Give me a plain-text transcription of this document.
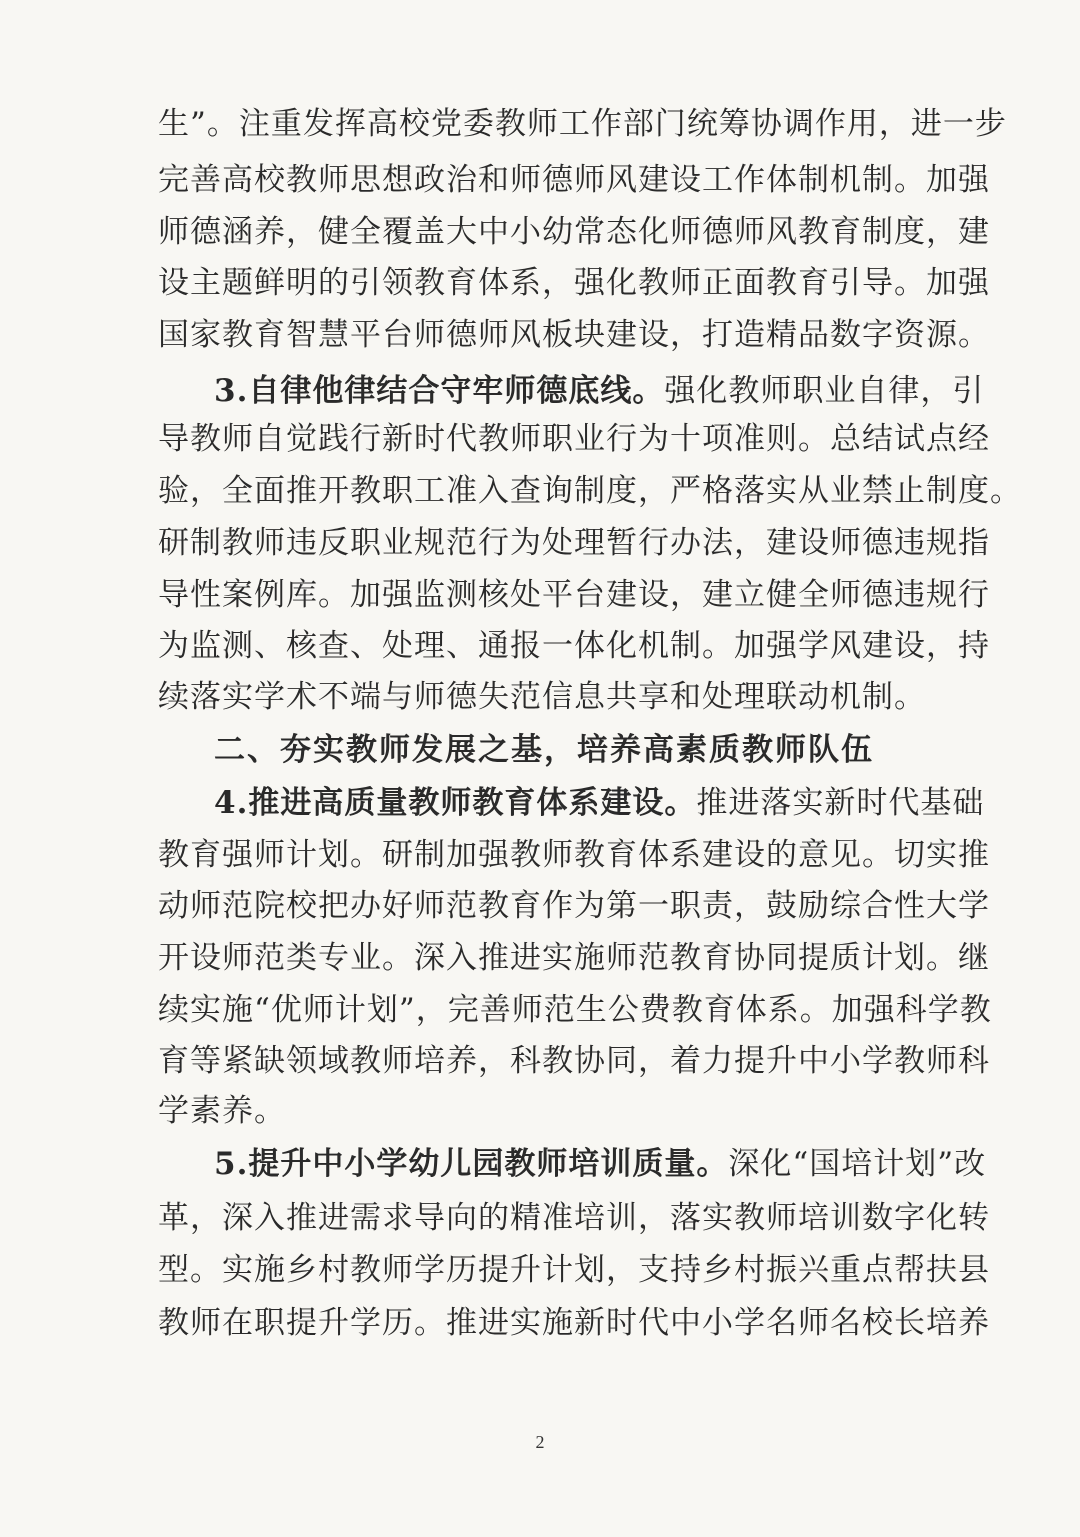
生”。注重发挥高校党委教师工作部门统筹协调作用，进一步
完善高校教师思想政治和师德师风建设工作体制机制。加强
师德涵养，健全覆盖大中小幼常态化师德师风教育制度，建
设主题鲜明的引领教育体系，强化教师正面教育引导。加强
国家教育智慧平台师德师风板块建设，打造精品数字资源。
3.自律他律结合守牢师德底线。强化教师职业自律，引
导教师自觉践行新时代教师职业行为十项准则。总结试点经
验，全面推开教职工准入查询制度，严格落实从业禁止制度。
研制教师违反职业规范行为处理暂行办法，建设师德违规指
导性案例库。加强监测核处平台建设，建立健全师德违规行
为监测、核查、处理、通报一体化机制。加强学风建设，持
续落实学术不端与师德失范信息共享和处理联动机制。
二、夯实教师发展之基，培养高素质教师队伍
4.推进高质量教师教育体系建设。推进落实新时代基础
教育强师计划。研制加强教师教育体系建设的意见。切实推
动师范院校把办好师范教育作为第一职责，鼓励综合性大学
开设师范类专业。深入推进实施师范教育协同提质计划。继
续实施“优师计划”，完善师范生公费教育体系。加强科学教
育等紧缺领域教师培养，科教协同，着力提升中小学教师科
学素养。
5.提升中小学幼儿园教师培训质量。深化“国培计划”改
革，深入推进需求导向的精准培训，落实教师培训数字化转
型。实施乡村教师学历提升计划，支持乡村振兴重点帮扶县
教师在职提升学历。推进实施新时代中小学名师名校长培养
2
